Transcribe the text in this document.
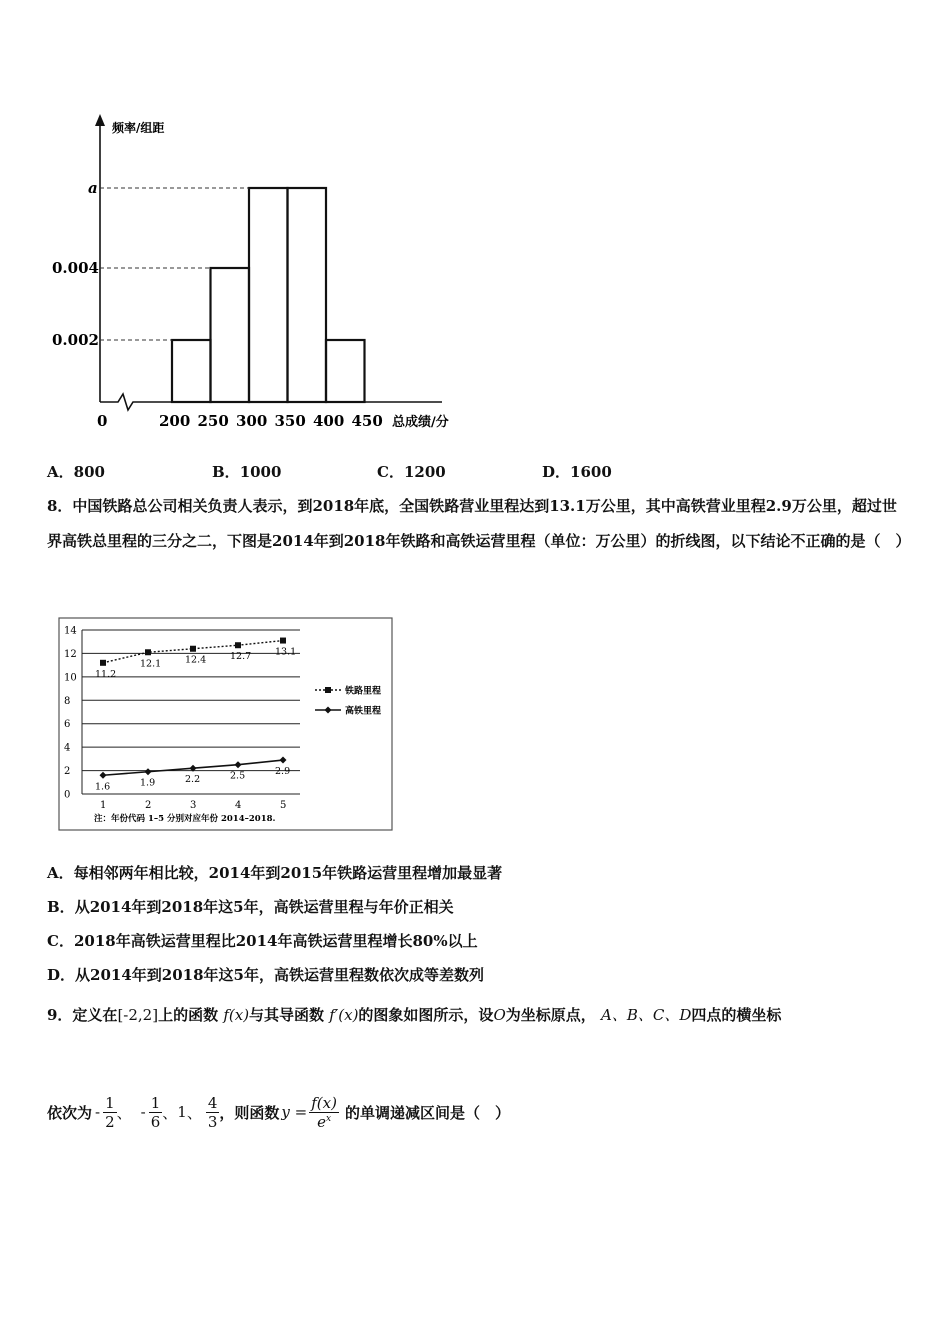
频率/组距
总成绩/分
0
a
0.004
0.002
200 250 300 350 400 450
A．800	B．1000	C．1200	D．1600
8．中国铁路总公司相关负责人表示，到2018年底，全国铁路营业里程达到13.1万公里，其中高铁营业里程2.9万公里，超过世界高铁总里程的三分之二，下图是2014年到2018年铁路和高铁运营里程（单位：万公里）的折线图，以下结论不正确的是（　）
0
2
4
6
8
10
12
14
1	2	3	4	5
11.2
12.1	12.4	12.7	13.1
1.6	1.9	2.2	2.5	2.9
铁路里程
高铁里程
注：年份代码 1–5 分别对应年份 2014–2018.
A．每相邻两年相比较，2014年到2015年铁路运营里程增加最显著
B．从2014年到2018年这5年，高铁运营里程与年价正相关
C．2018年高铁运营里程比2014年高铁运营里程增长80%以上
D．从2014年到2018年这5年，高铁运营里程数依次成等差数列
9．定义在[-2,2]上的函数 f(x)与其导函数 f′(x)的图象如图所示，设O为坐标原点， A、B、C、D四点的横坐标
依次为 - $\frac{1}{2}$ 、 - $\frac{1}{6}$ 、 1 、 $\frac{4}{3}$ ，则函数 $y = \frac{f(x)}{e^x}$ 的单调递减区间是（　）
